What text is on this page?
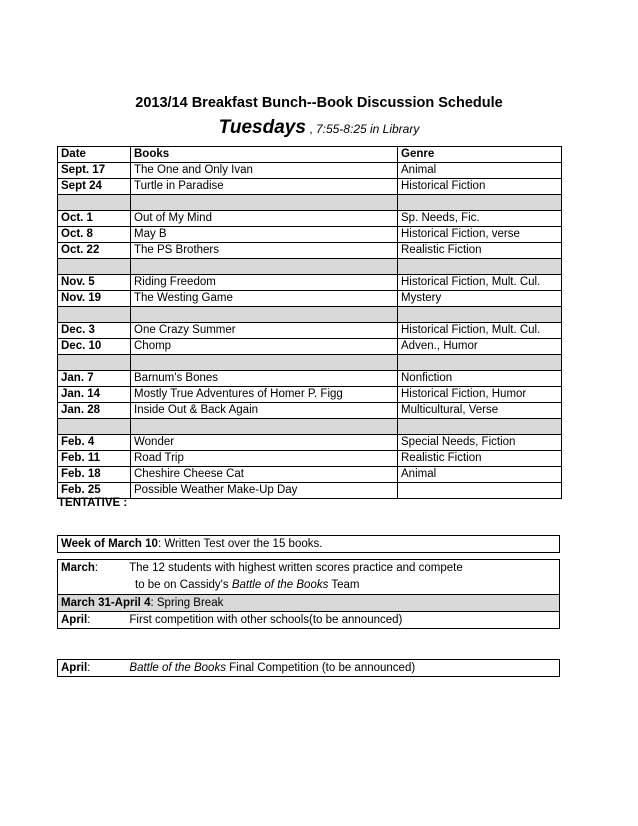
2013/14 Breakfast Bunch--Book Discussion Schedule
Tuesdays , 7:55-8:25 in Library
Date	Books	Genre
Sept. 17	The One and Only Ivan	Animal
Sept 24	Turtle in Paradise	Historical Fiction

Oct. 1	Out of My Mind	Sp. Needs, Fic.
Oct. 8	May B	Historical Fiction, verse
Oct. 22	The PS Brothers	Realistic Fiction

Nov. 5	Riding Freedom	Historical Fiction, Mult. Cul.
Nov. 19	The Westing Game	Mystery

Dec. 3	One Crazy Summer	Historical Fiction, Mult. Cul.
Dec. 10	Chomp	Adven., Humor

Jan. 7	Barnum's Bones	Nonfiction
Jan. 14	Mostly True Adventures of Homer P. Figg	Historical Fiction, Humor
Jan. 28	Inside Out & Back Again	Multicultural, Verse

Feb. 4	Wonder	Special Needs, Fiction
Feb. 11	Road Trip	Realistic Fiction
Feb. 18	Cheshire Cheese Cat	Animal
Feb. 25	Possible Weather Make-Up Day	
TENTATIVE :
Week of March 10: Written Test over the 15 books.
March:	The 12 students with highest written scores practice and compete
to be on Cassidy's Battle of the Books Team
March 31-April 4: Spring Break
April:	First competition with other schools(to be announced)
April:	Battle of the Books Final Competition (to be announced)
